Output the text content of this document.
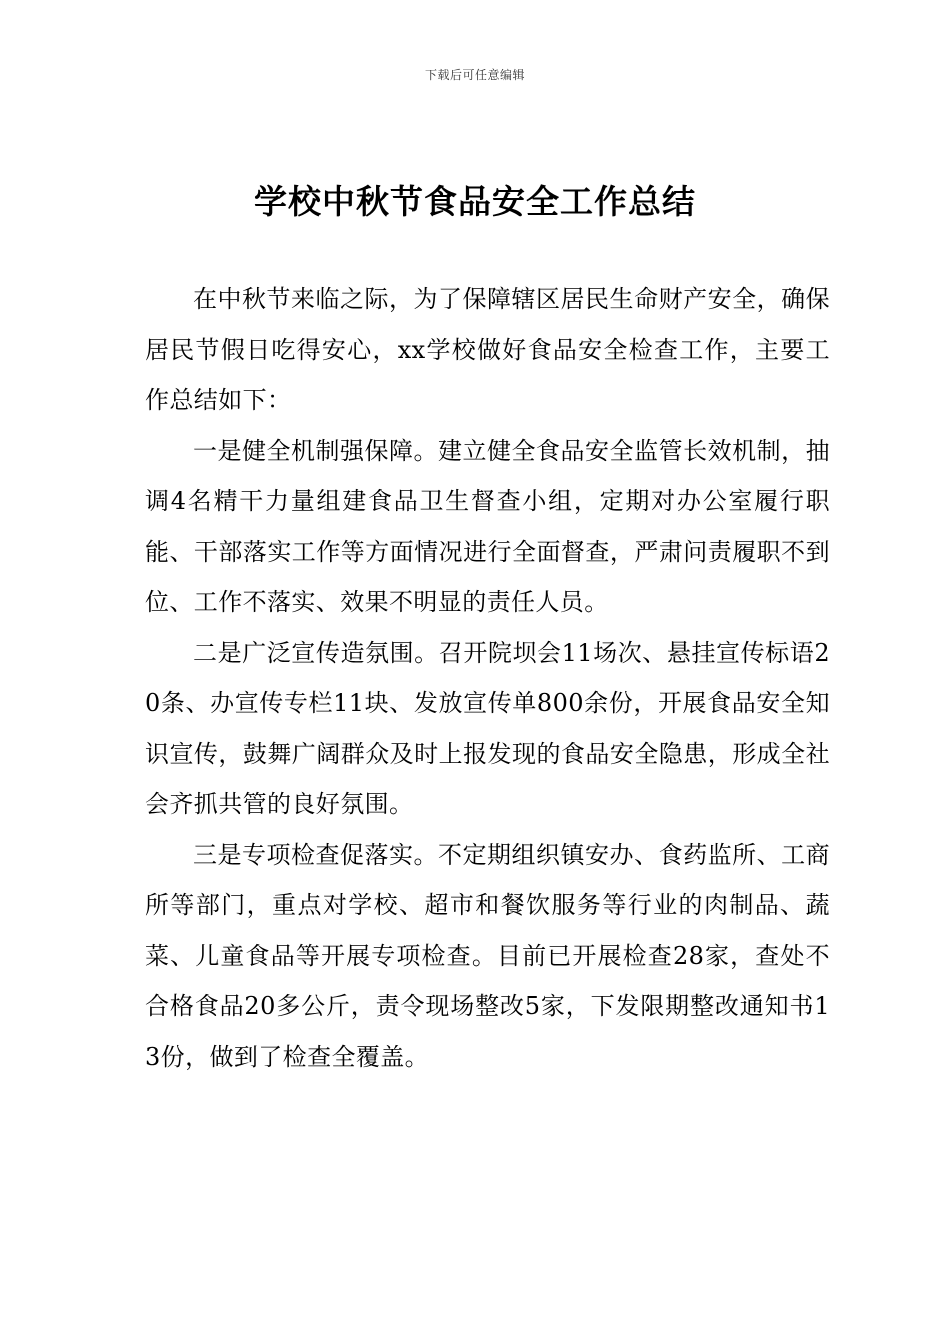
下载后可任意编辑
学校中秋节食品安全工作总结

在中秋节来临之际，为了保障辖区居民生命财产安全，确保居民节假日吃得安心，xx学校做好食品安全检查工作，主要工作总结如下：

一是健全机制强保障。建立健全食品安全监管长效机制，抽调4名精干力量组建食品卫生督查小组，定期对办公室履行职能、干部落实工作等方面情况进行全面督查，严肃问责履职不到位、工作不落实、效果不明显的责任人员。

二是广泛宣传造氛围。召开院坝会11场次、悬挂宣传标语20条、办宣传专栏11块、发放宣传单800余份，开展食品安全知识宣传，鼓舞广阔群众及时上报发现的食品安全隐患，形成全社会齐抓共管的良好氛围。

三是专项检查促落实。不定期组织镇安办、食药监所、工商所等部门，重点对学校、超市和餐饮服务等行业的肉制品、蔬菜、儿童食品等开展专项检查。目前已开展检查28家，查处不合格食品20多公斤，责令现场整改5家，下发限期整改通知书13份，做到了检查全覆盖。
